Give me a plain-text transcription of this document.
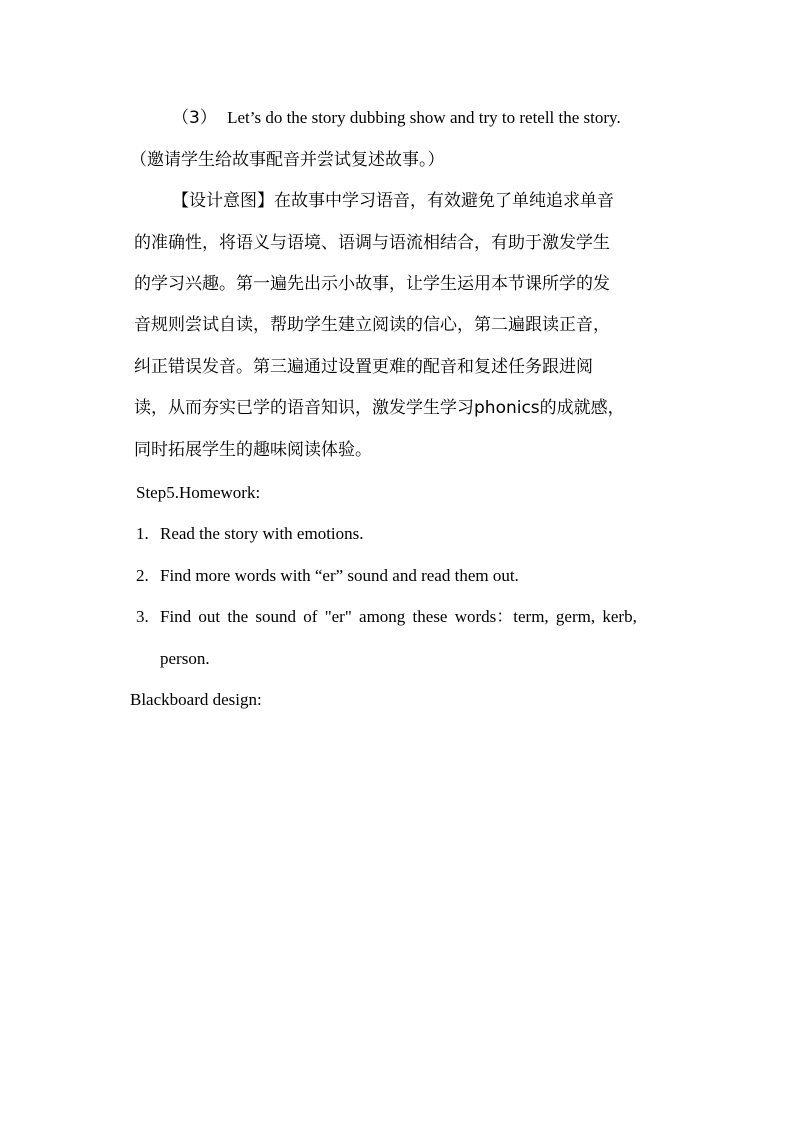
（3） Let’s do the story dubbing show and try to retell the story.
（邀请学生给故事配音并尝试复述故事。）
【设计意图】在故事中学习语音，有效避免了单纯追求单音
的准确性，将语义与语境、语调与语流相结合，有助于激发学生
的学习兴趣。第一遍先出示小故事，让学生运用本节课所学的发
音规则尝试自读，帮助学生建立阅读的信心，第二遍跟读正音，
纠正错误发音。第三遍通过设置更难的配音和复述任务跟进阅
读，从而夯实已学的语音知识，激发学生学习phonics的成就感，
同时拓展学生的趣味阅读体验。
Step5.Homework:
1. Read the story with emotions.
2. Find more words with “er” sound and read them out.
3. Find out the sound of "er" among these words：term, germ, kerb,
person.
Blackboard design:
